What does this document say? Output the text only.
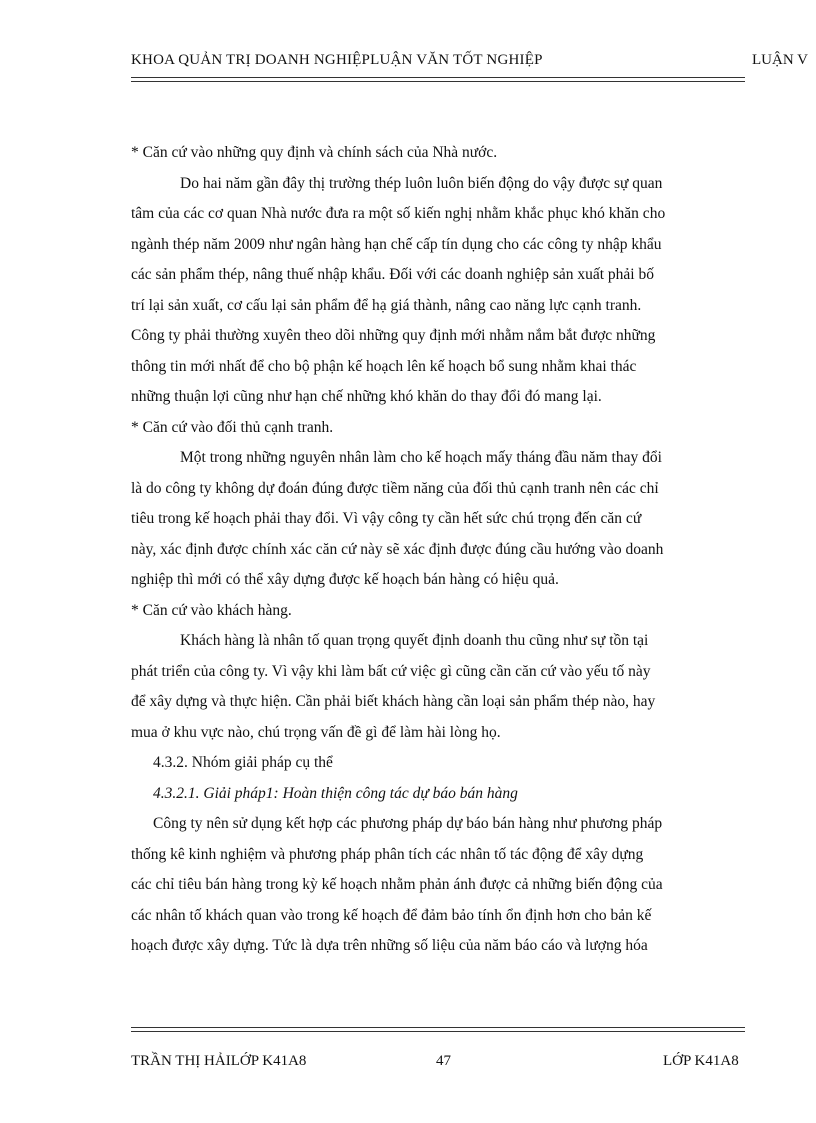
KHOA QUẢN TRỊ DOANH NGHIỆPLUẬN VĂN TỐT NGHIỆP	LUẬN V
* Căn cứ vào những quy định và chính sách của Nhà nước.
Do hai năm gần đây thị trường thép luôn luôn biến động do vậy được sự quan
tâm của các cơ quan Nhà nước đưa ra một số kiến nghị nhằm khắc phục khó khăn cho
ngành thép năm 2009 như ngân hàng hạn chế cấp tín dụng cho các công ty nhập khẩu
các sản phẩm thép, nâng thuế nhập khẩu. Đối với các doanh nghiệp sản xuất phải bố
trí lại sản xuất, cơ cấu lại sản phẩm để hạ giá thành, nâng cao năng lực cạnh tranh.
Công ty phải thường xuyên theo dõi những quy định mới nhằm nắm bắt được những
thông tin mới nhất để cho bộ phận kế hoạch lên kế hoạch bổ sung nhằm khai thác
những thuận lợi cũng như hạn chế những khó khăn do thay đổi đó mang lại.
* Căn cứ vào đối thủ cạnh tranh.
Một trong những nguyên nhân làm cho kế hoạch mấy tháng đầu năm thay đổi
là do công ty không dự đoán đúng được tiềm năng của đối thủ cạnh tranh nên các chỉ
tiêu trong kế hoạch phải thay đổi. Vì vậy công ty cần hết sức chú trọng đến căn cứ
này, xác định được chính xác căn cứ này sẽ xác định được đúng cầu hướng vào doanh
nghiệp thì mới có thể xây dựng được kế hoạch bán hàng có hiệu quả.
* Căn cứ vào khách hàng.
Khách hàng là nhân tố quan trọng quyết định doanh thu cũng như sự tồn tại
phát triển của công ty. Vì vậy khi làm bất cứ việc gì cũng cần căn cứ vào yếu tố này
để xây dựng và thực hiện. Cần phải biết khách hàng cần loại sản phẩm thép nào, hay
mua ở khu vực nào, chú trọng vấn đề gì để làm hài lòng họ.
4.3.2. Nhóm giải pháp cụ thể
4.3.2.1. Giải pháp1: Hoàn thiện công tác dự báo bán hàng
Công ty nên sử dụng kết hợp các phương pháp dự báo bán hàng như phương pháp
thống kê kinh nghiệm và phương pháp phân tích các nhân tố tác động để xây dựng
các chỉ tiêu bán hàng trong kỳ kế hoạch nhằm phản ánh được cả những biến động của
các nhân tố khách quan vào trong kế hoạch để đảm bảo tính ổn định hơn cho bản kế
hoạch được xây dựng. Tức là dựa trên những số liệu của năm báo cáo và lượng hóa
TRẦN THỊ HẢILỚP K41A8	47	LỚP K41A8
